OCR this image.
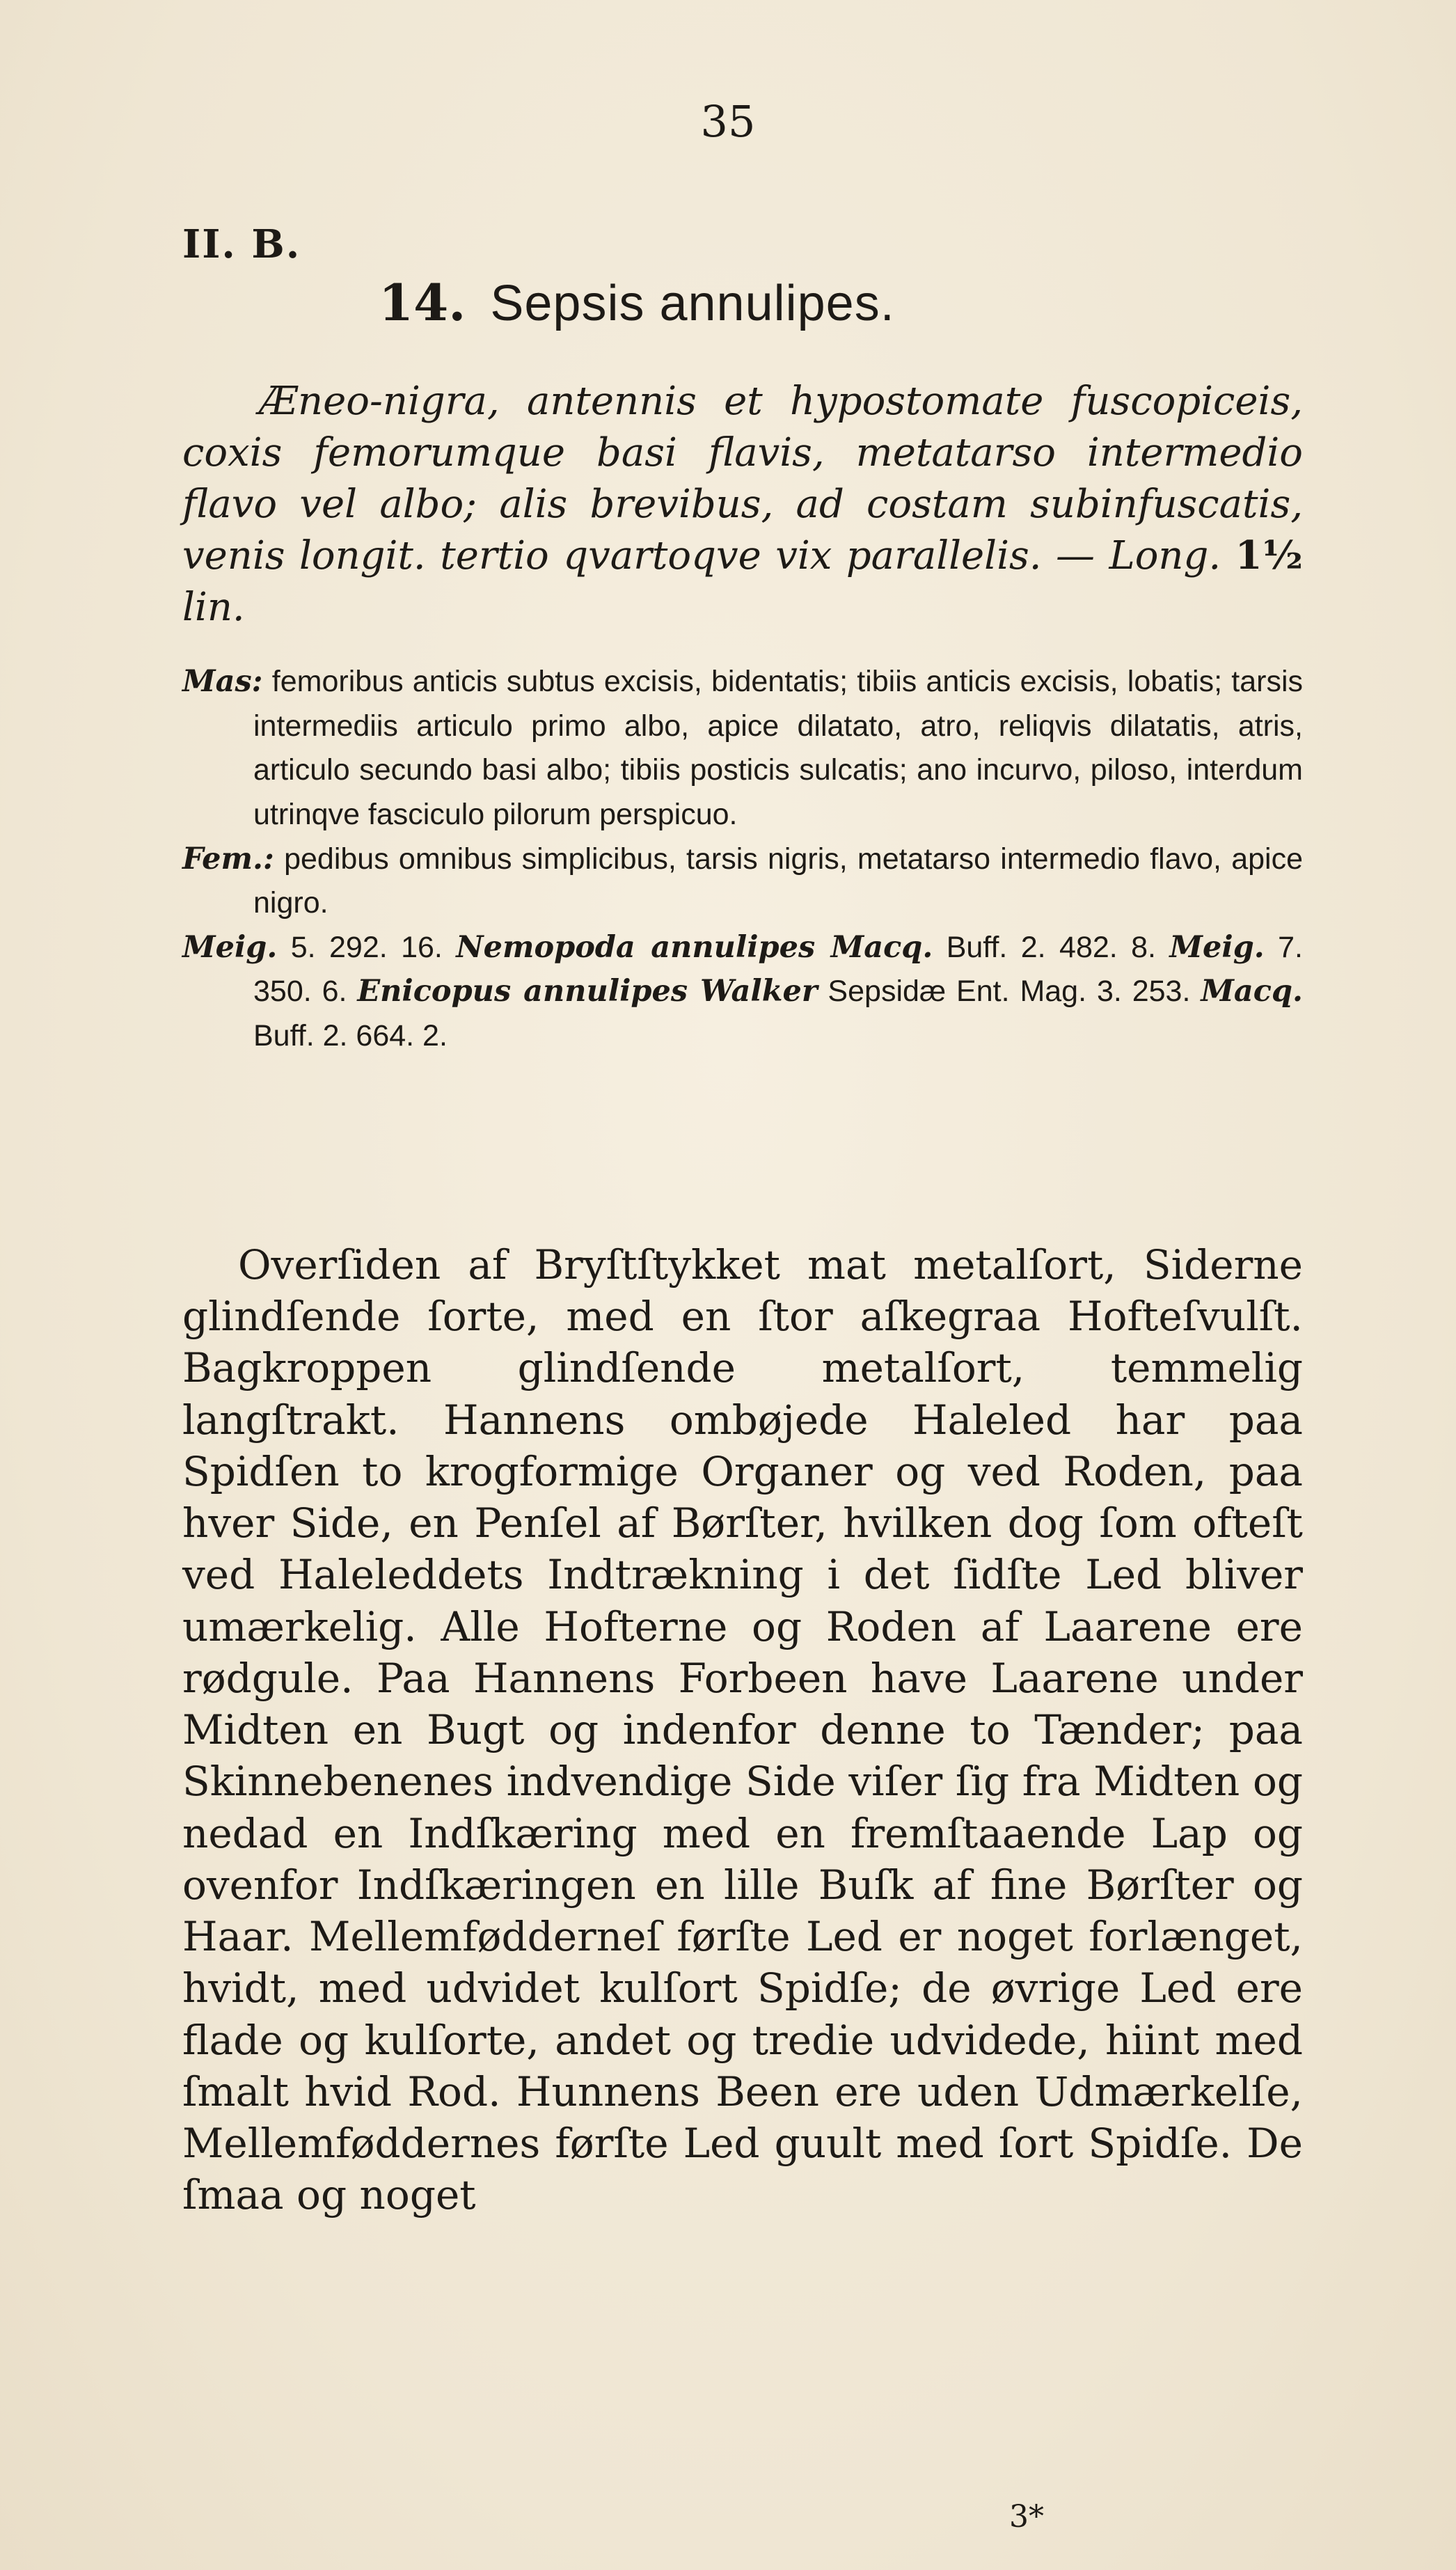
35
II. B.
14. Sepsis annulipes.

Æneo-nigra, antennis et hypostomate fuscopiceis, coxis femorumque basi flavis, metatarso intermedio flavo vel albo; alis brevibus, ad costam subinfuscatis, venis longit. tertio qvartoqve vix parallelis. — Long. 1½ lin.

Mas: femoribus anticis subtus excisis, bidentatis; tibiis anticis excisis, lobatis; tarsis intermediis articulo primo albo, apice dilatato, atro, reliqvis dilatatis, atris, articulo secundo basi albo; tibiis posticis sulcatis; ano incurvo, piloso, interdum utrinqve fasciculo pilorum perspicuo.

Fem.: pedibus omnibus simplicibus, tarsis nigris, metatarso intermedio flavo, apice nigro.

Meig. 5. 292. 16. Nemopoda annulipes Macq. Buff. 2. 482. 8. Meig. 7. 350. 6. Enicopus annulipes Walker Sepsidæ Ent. Mag. 3. 253. Macq. Buff. 2. 664. 2.

Overſiden af Bryſtſtykket mat metalſort, Siderne glindſende ſorte, med en ſtor aſkegraa Hofteſvulſt. Bagkroppen glindſende metalſort, temmelig langſtrakt. Hannens ombøjede Haleled har paa Spidſen to krogformige Organer og ved Roden, paa hver Side, en Penſel af Børſter, hvilken dog ſom ofteſt ved Haleleddets Indtrækning i det ſidſte Led bliver umærkelig. Alle Hofterne og Roden af Laarene ere rødgule. Paa Hannens Forbeen have Laarene under Midten en Bugt og indenfor denne to Tænder; paa Skinnebenenes indvendige Side viſer ſig fra Midten og nedad en Indſkæring med en fremſtaaende Lap og ovenfor Indſkæringen en lille Buſk af fine Børſter og Haar. Mellemfødderneſ førſte Led er noget forlænget, hvidt, med udvidet kulſort Spidſe; de øvrige Led ere flade og kulſorte, andet og tredie udvidede, hiint med ſmalt hvid Rod. Hunnens Been ere uden Udmærkelſe, Mellemføddernes førſte Led guult med ſort Spidſe. De ſmaa og noget

3*
